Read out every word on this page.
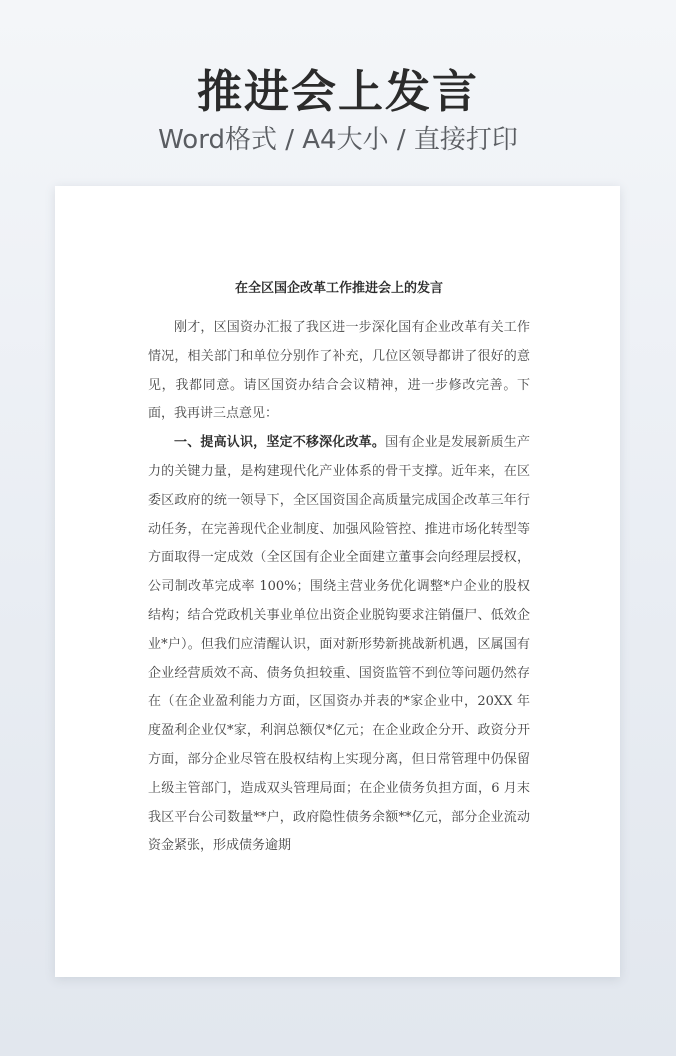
推进会上发言
Word格式 / A4大小 / 直接打印
在全区国企改革工作推进会上的发言

刚才，区国资办汇报了我区进一步深化国有企业改革有关工作情况，相关部门和单位分别作了补充，几位区领导都讲了很好的意见，我都同意。请区国资办结合会议精神，进一步修改完善。下面，我再讲三点意见：

一、提高认识，坚定不移深化改革。国有企业是发展新质生产力的关键力量，是构建现代化产业体系的骨干支撑。近年来，在区委区政府的统一领导下，全区国资国企高质量完成国企改革三年行动任务，在完善现代企业制度、加强风险管控、推进市场化转型等方面取得一定成效（全区国有企业全面建立董事会向经理层授权，公司制改革完成率 100%；围绕主营业务优化调整*户企业的股权结构；结合党政机关事业单位出资企业脱钩要求注销僵尸、低效企业*户）。但我们应清醒认识，面对新形势新挑战新机遇，区属国有企业经营质效不高、债务负担较重、国资监管不到位等问题仍然存在（在企业盈利能力方面，区国资办并表的*家企业中，20XX 年度盈利企业仅*家，利润总额仅*亿元；在企业政企分开、政资分开方面，部分企业尽管在股权结构上实现分离，但日常管理中仍保留上级主管部门，造成双头管理局面；在企业债务负担方面，6 月末我区平台公司数量**户，政府隐性债务余额**亿元，部分企业流动资金紧张，形成债务逾期
